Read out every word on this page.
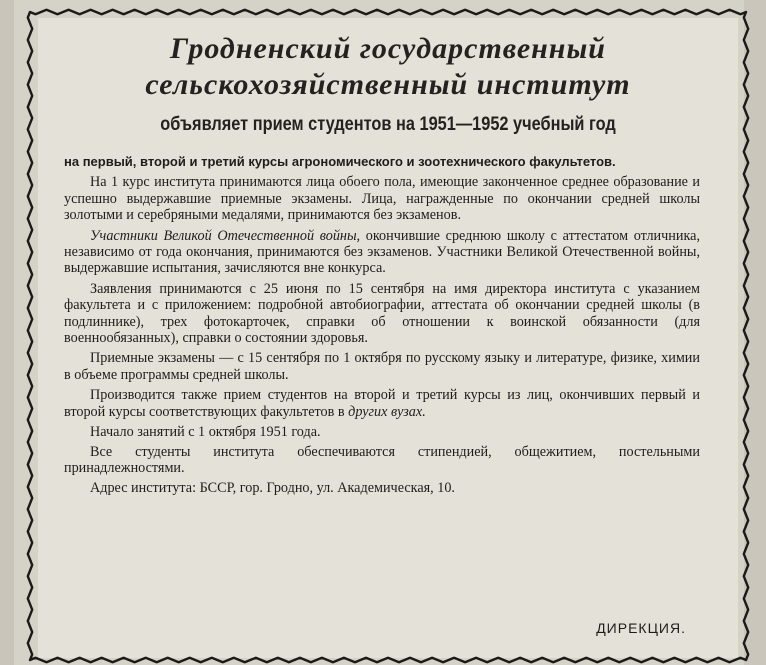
Гродненский государственный
сельскохозяйственный институт
объявляет прием студентов на 1951—1952 учебный год

на первый, второй и третий курсы агрономического и зоотехнического факультетов.

На 1 курс института принимаются лица обоего пола, имеющие законченное среднее образование и успешно выдержавшие приемные экзамены. Лица, награжденные по окончании средней школы золотыми и серебряными медалями, принимаются без экзаменов.

Участники Великой Отечественной войны, окончившие среднюю школу с аттестатом отличника, независимо от года окончания, принимаются без экзаменов. Участники Великой Отечественной войны, выдержавшие испытания, зачисляются вне конкурса.

Заявления принимаются с 25 июня по 15 сентября на имя директора института с указанием факультета и с приложением: подробной автобиографии, аттестата об окончании средней школы (в подлиннике), трех фотокарточек, справки об отношении к воинской обязанности (для военнообязанных), справки о состоянии здоровья.

Приемные экзамены — с 15 сентября по 1 октября по русскому языку и литературе, физике, химии в объеме программы средней школы.

Производится также прием студентов на второй и третий курсы из лиц, окончивших первый и второй курсы соответствующих факультетов в других вузах.

Начало занятий с 1 октября 1951 года.

Все студенты института обеспечиваются стипендией, общежитием, постельными принадлежностями.

Адрес института: БССР, гор. Гродно, ул. Академическая, 10.

ДИРЕКЦИЯ.
